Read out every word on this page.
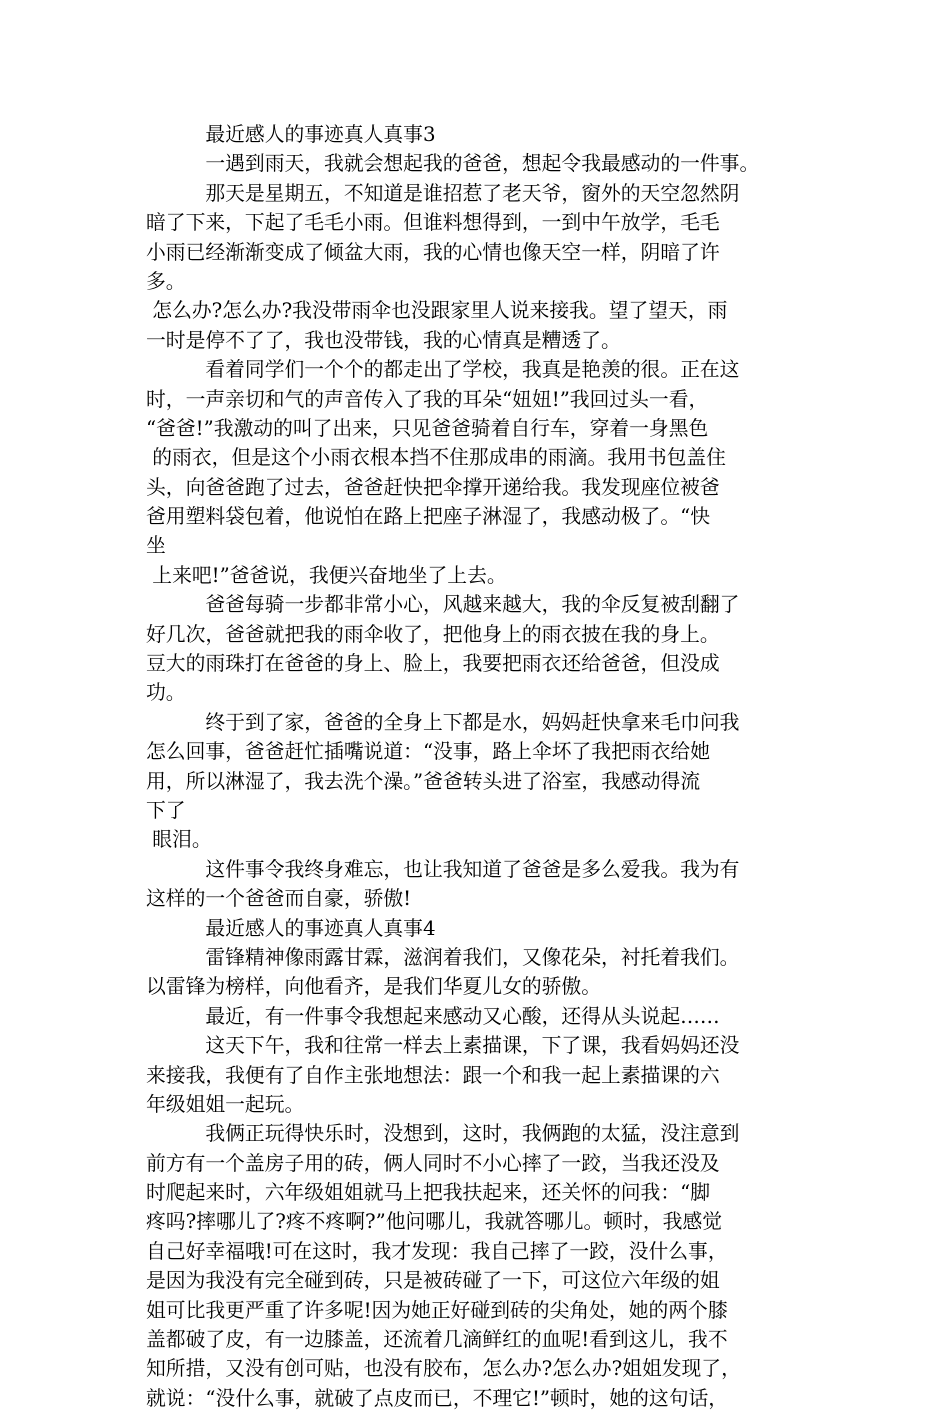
　　　最近感人的事迹真人真事3
　　　一遇到雨天，我就会想起我的爸爸，想起令我最感动的一件事。
　　　那天是星期五，不知道是谁招惹了老天爷，窗外的天空忽然阴
暗了下来，下起了毛毛小雨。但谁料想得到，一到中午放学，毛毛
小雨已经渐渐变成了倾盆大雨，我的心情也像天空一样，阴暗了许
多。
怎么办?怎么办?我没带雨伞也没跟家里人说来接我。望了望天，雨
一时是停不了了，我也没带钱，我的心情真是糟透了。
　　　看着同学们一个个的都走出了学校，我真是艳羡的很。正在这
时，一声亲切和气的声音传入了我的耳朵“妞妞!”我回过头一看，
“爸爸!”我激动的叫了出来，只见爸爸骑着自行车，穿着一身黑色
的雨衣，但是这个小雨衣根本挡不住那成串的雨滴。我用书包盖住
头，向爸爸跑了过去，爸爸赶快把伞撑开递给我。我发现座位被爸
爸用塑料袋包着，他说怕在路上把座子淋湿了，我感动极了。“快
坐
上来吧!”爸爸说，我便兴奋地坐了上去。
　　　爸爸每骑一步都非常小心，风越来越大，我的伞反复被刮翻了
好几次，爸爸就把我的雨伞收了，把他身上的雨衣披在我的身上。
豆大的雨珠打在爸爸的身上、脸上，我要把雨衣还给爸爸，但没成
功。
　　　终于到了家，爸爸的全身上下都是水，妈妈赶快拿来毛巾问我
怎么回事，爸爸赶忙插嘴说道：“没事，路上伞坏了我把雨衣给她
用，所以淋湿了，我去洗个澡。”爸爸转头进了浴室，我感动得流
下了
眼泪。
　　　这件事令我终身难忘，也让我知道了爸爸是多么爱我。我为有
这样的一个爸爸而自豪，骄傲!
　　　最近感人的事迹真人真事4
　　　雷锋精神像雨露甘霖，滋润着我们，又像花朵，衬托着我们。
以雷锋为榜样，向他看齐，是我们华夏儿女的骄傲。
　　　最近，有一件事令我想起来感动又心酸，还得从头说起……
　　　这天下午，我和往常一样去上素描课，下了课，我看妈妈还没
来接我，我便有了自作主张地想法：跟一个和我一起上素描课的六
年级姐姐一起玩。
　　　我俩正玩得快乐时，没想到，这时，我俩跑的太猛，没注意到
前方有一个盖房子用的砖，俩人同时不小心摔了一跤，当我还没及
时爬起来时，六年级姐姐就马上把我扶起来，还关怀的问我：“脚
疼吗?摔哪儿了?疼不疼啊?”他问哪儿，我就答哪儿。顿时，我感觉
自己好幸福哦!可在这时，我才发现：我自己摔了一跤，没什么事，
是因为我没有完全碰到砖，只是被砖碰了一下，可这位六年级的姐
姐可比我更严重了许多呢!因为她正好碰到砖的尖角处，她的两个膝
盖都破了皮，有一边膝盖，还流着几滴鲜红的血呢!看到这儿，我不
知所措，又没有创可贴，也没有胶布，怎么办?怎么办?姐姐发现了，
就说：“没什么事，就破了点皮而已，不理它!”顿时，她的这句话，
